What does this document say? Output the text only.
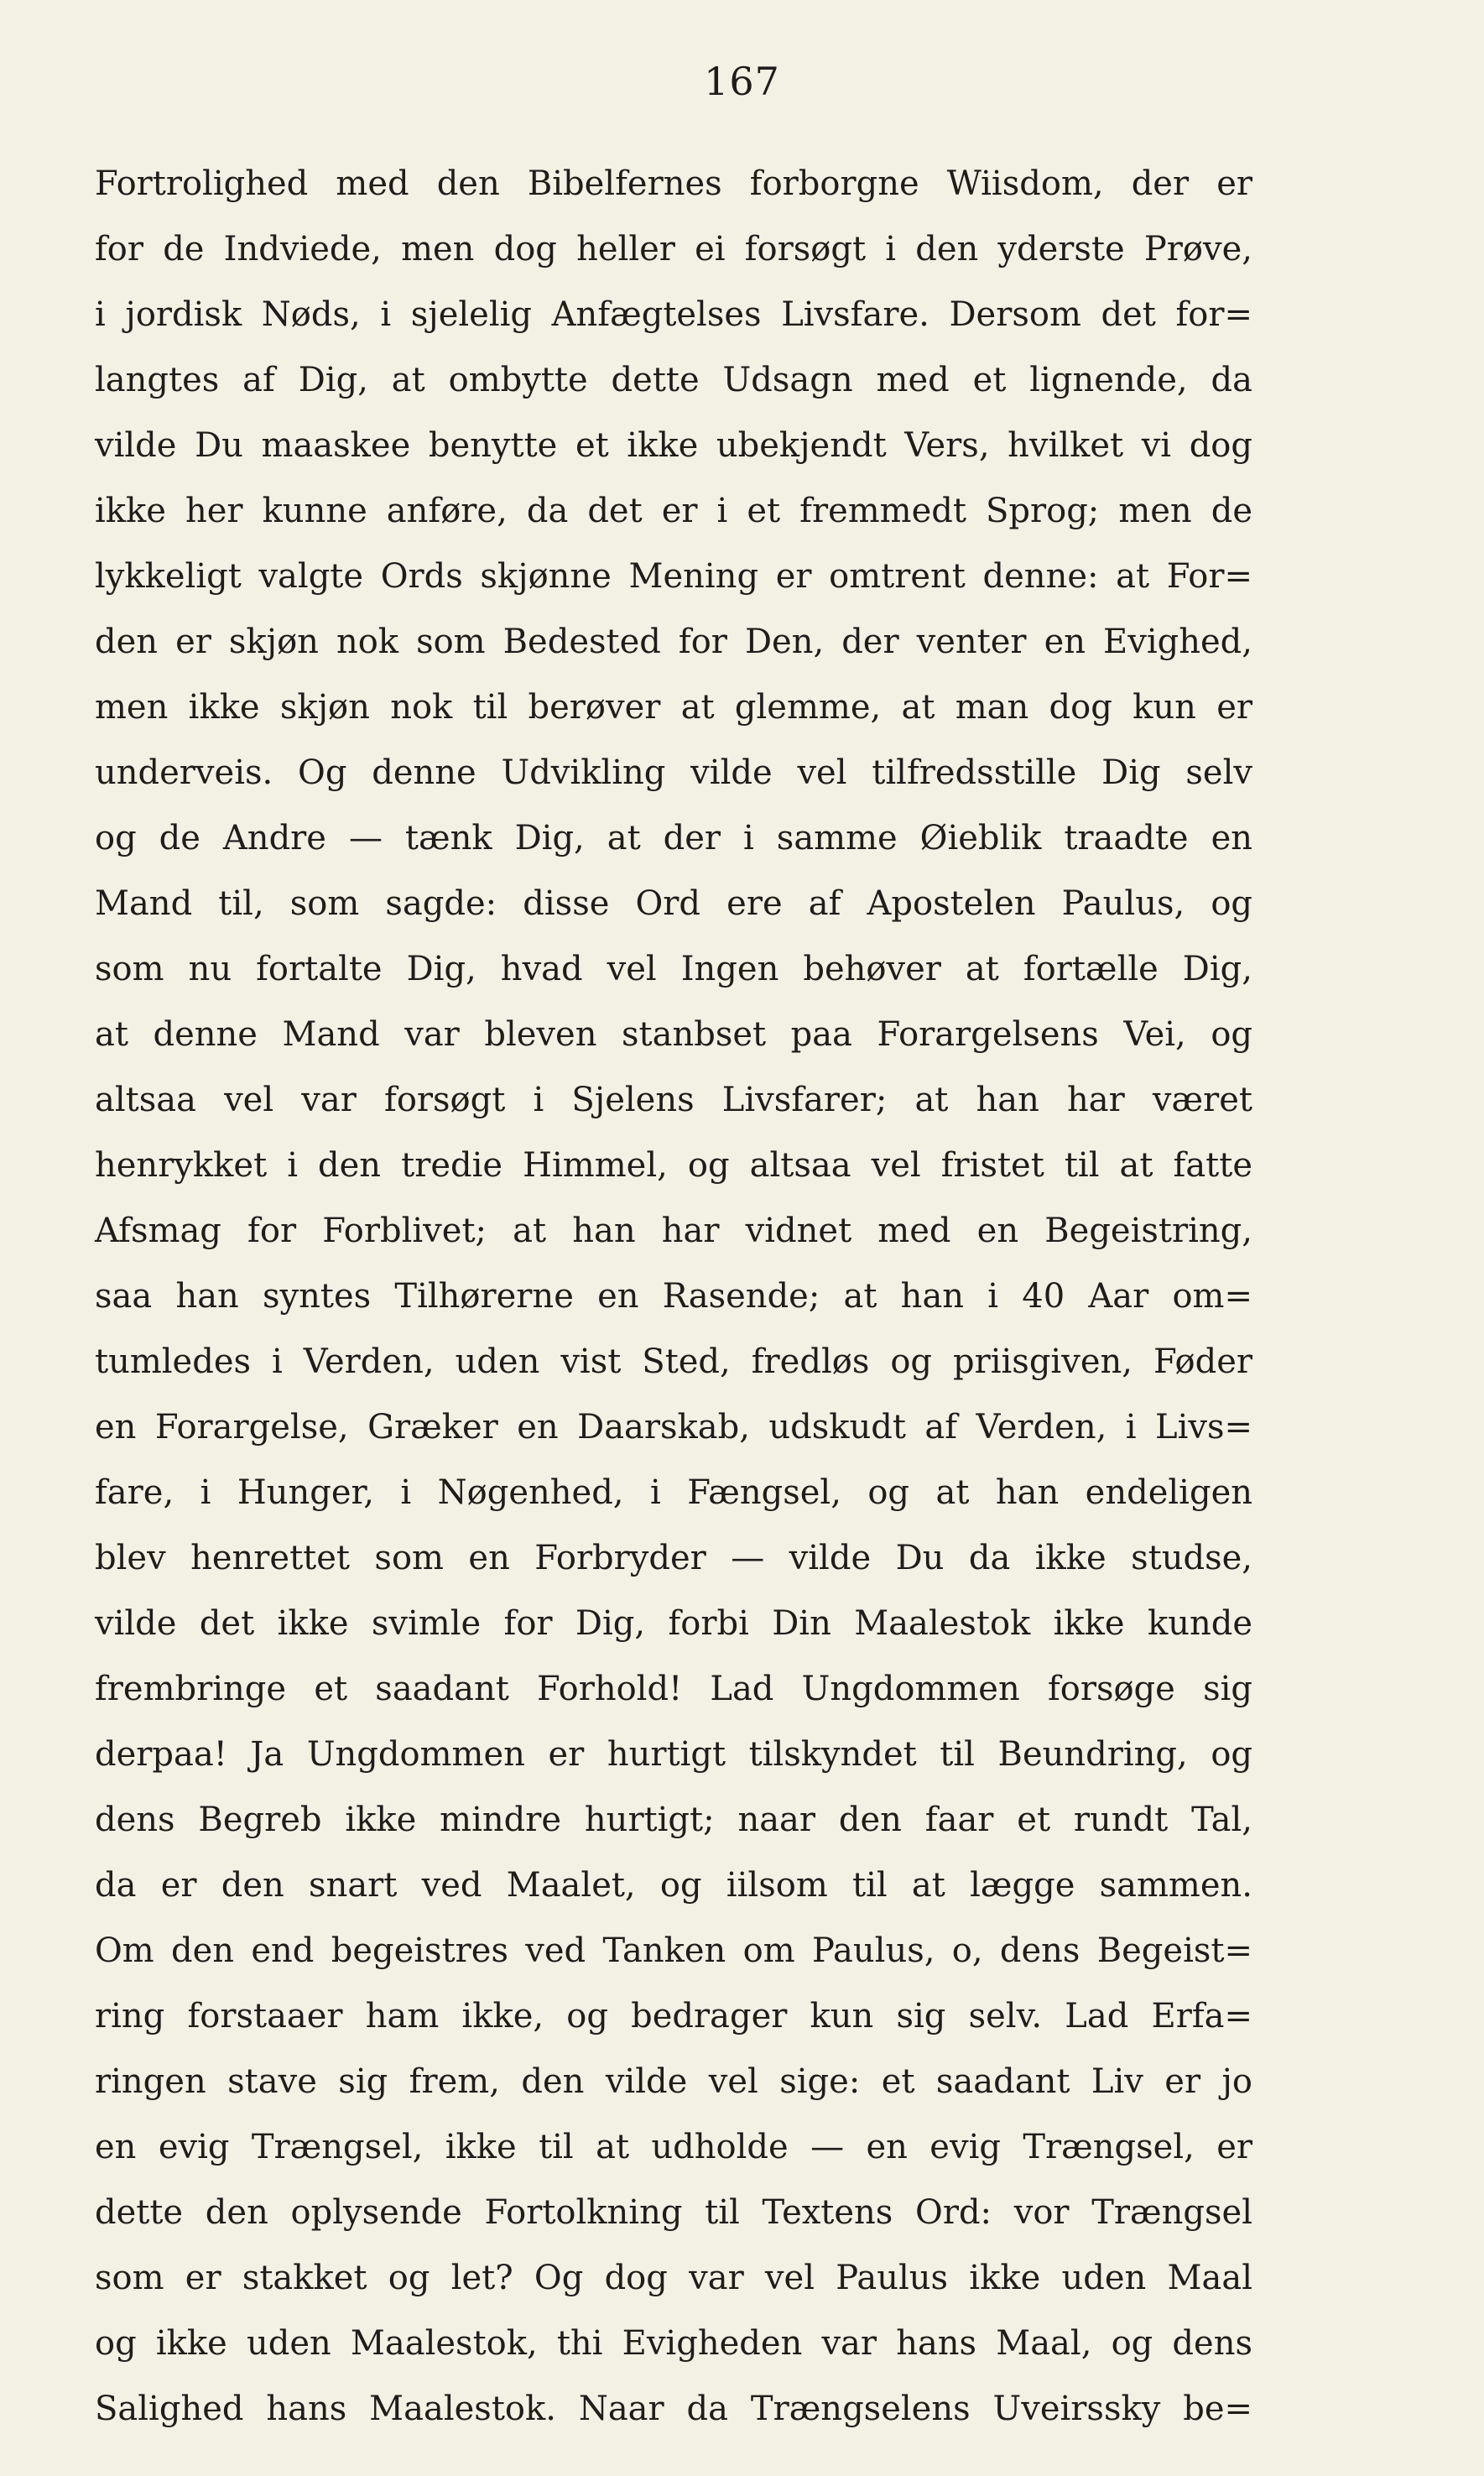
167
Fortrolighed med den Bibelfernes forborgne Wiisdom, der er
for de Indviede, men dog heller ei forsøgt i den yderste Prøve,
i jordisk Nøds, i sjelelig Anfægtelses Livsfare. Dersom det for=
langtes af Dig, at ombytte dette Udsagn med et lignende, da
vilde Du maaskee benytte et ikke ubekjendt Vers, hvilket vi dog
ikke her kunne anføre, da det er i et fremmedt Sprog; men de
lykkeligt valgte Ords skjønne Mening er omtrent denne: at For=
den er skjøn nok som Bedested for Den, der venter en Evighed,
men ikke skjøn nok til berøver at glemme, at man dog kun er
underveis. Og denne Udvikling vilde vel tilfredsstille Dig selv
og de Andre — tænk Dig, at der i samme Øieblik traadte en
Mand til, som sagde: disse Ord ere af Apostelen Paulus, og
som nu fortalte Dig, hvad vel Ingen behøver at fortælle Dig,
at denne Mand var bleven stanbset paa Forargelsens Vei, og
altsaa vel var forsøgt i Sjelens Livsfarer; at han har været
henrykket i den tredie Himmel, og altsaa vel fristet til at fatte
Afsmag for Forblivet; at han har vidnet med en Begeistring,
saa han syntes Tilhørerne en Rasende; at han i 40 Aar om=
tumledes i Verden, uden vist Sted, fredløs og priisgiven, Føder
en Forargelse, Græker en Daarskab, udskudt af Verden, i Livs=
fare, i Hunger, i Nøgenhed, i Fængsel, og at han endeligen
blev henrettet som en Forbryder — vilde Du da ikke studse,
vilde det ikke svimle for Dig, forbi Din Maalestok ikke kunde
frembringe et saadant Forhold! Lad Ungdommen forsøge sig
derpaa! Ja Ungdommen er hurtigt tilskyndet til Beundring, og
dens Begreb ikke mindre hurtigt; naar den faar et rundt Tal,
da er den snart ved Maalet, og iilsom til at lægge sammen.
Om den end begeistres ved Tanken om Paulus, o, dens Begeist=
ring forstaaer ham ikke, og bedrager kun sig selv. Lad Erfa=
ringen stave sig frem, den vilde vel sige: et saadant Liv er jo
en evig Trængsel, ikke til at udholde — en evig Trængsel, er
dette den oplysende Fortolkning til Textens Ord: vor Trængsel
som er stakket og let? Og dog var vel Paulus ikke uden Maal
og ikke uden Maalestok, thi Evigheden var hans Maal, og dens
Salighed hans Maalestok. Naar da Trængselens Uveirssky be=
